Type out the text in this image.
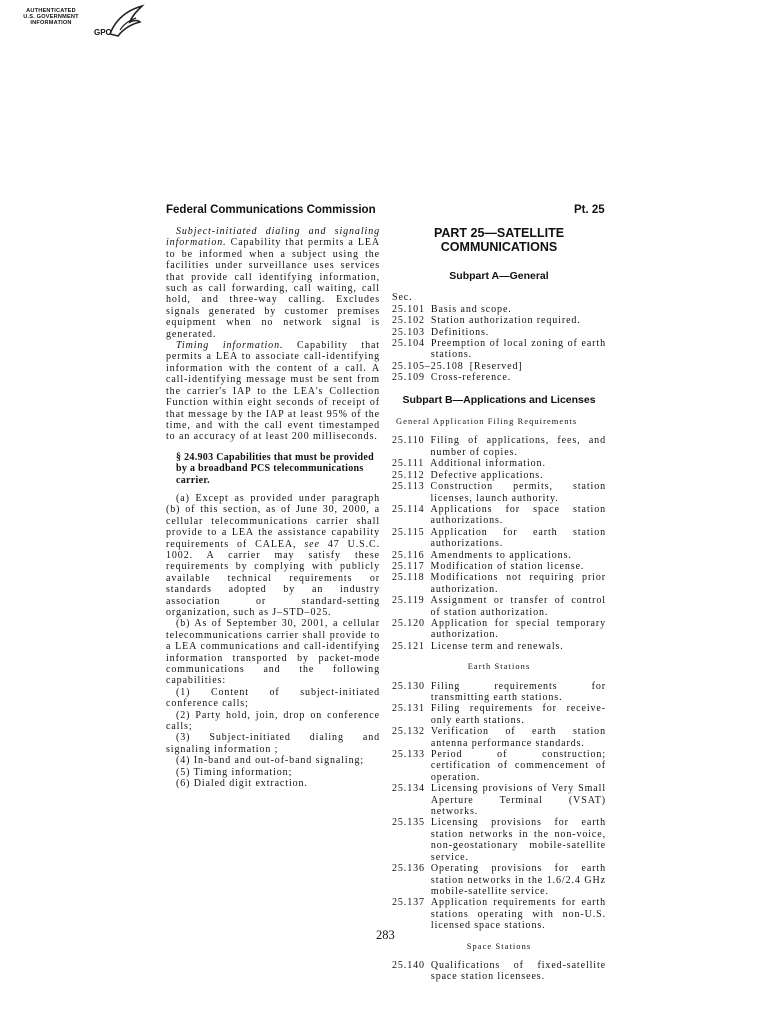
AUTHENTICATED
U.S. GOVERNMENT
INFORMATION
GPO
Federal Communications Commission	Pt. 25

Subject-initiated dialing and signaling information. Capability that permits a LEA to be informed when a subject using the facilities under surveillance uses services that provide call identifying information, such as call forwarding, call waiting, call hold, and three-way calling. Excludes signals generated by customer premises equipment when no network signal is generated.

Timing information. Capability that permits a LEA to associate call-identifying information with the content of a call. A call-identifying message must be sent from the carrier's IAP to the LEA's Collection Function within eight seconds of receipt of that message by the IAP at least 95% of the time, and with the call event timestamped to an accuracy of at least 200 milliseconds.

§ 24.903 Capabilities that must be provided by a broadband PCS telecommunications carrier.

(a) Except as provided under paragraph (b) of this section, as of June 30, 2000, a cellular telecommunications carrier shall provide to a LEA the assistance capability requirements of CALEA, see 47 U.S.C. 1002. A carrier may satisfy these requirements by complying with publicly available technical requirements or standards adopted by an industry association or standard-setting organization, such as J–STD–025.

(b) As of September 30, 2001, a cellular telecommunications carrier shall provide to a LEA communications and call-identifying information transported by packet-mode communications and the following capabilities:

(1) Content of subject-initiated conference calls;

(2) Party hold, join, drop on conference calls;

(3) Subject-initiated dialing and signaling information ;

(4) In-band and out-of-band signaling;

(5) Timing information;

(6) Dialed digit extraction.

PART 25—SATELLITE
COMMUNICATIONS
Subpart A—General
Sec.
25.101 Basis and scope.
25.102 Station authorization required.
25.103 Definitions.
25.104 Preemption of local zoning of earth stations.
25.105–25.108 [Reserved]
25.109 Cross-reference.
Subpart B—Applications and Licenses
General Application Filing Requirements
25.110 Filing of applications, fees, and number of copies.
25.111 Additional information.
25.112 Defective applications.
25.113 Construction permits, station licenses, launch authority.
25.114 Applications for space station authorizations.
25.115 Application for earth station authorizations.
25.116 Amendments to applications.
25.117 Modification of station license.
25.118 Modifications not requiring prior authorization.
25.119 Assignment or transfer of control of station authorization.
25.120 Application for special temporary authorization.
25.121 License term and renewals.
Earth Stations
25.130 Filing requirements for transmitting earth stations.
25.131 Filing requirements for receive-only earth stations.
25.132 Verification of earth station antenna performance standards.
25.133 Period of construction; certification of commencement of operation.
25.134 Licensing provisions of Very Small Aperture Terminal (VSAT) networks.
25.135 Licensing provisions for earth station networks in the non-voice, non-geostationary mobile-satellite service.
25.136 Operating provisions for earth station networks in the 1.6/2.4 GHz mobile-satellite service.
25.137 Application requirements for earth stations operating with non-U.S. licensed space stations.
Space Stations
25.140 Qualifications of fixed-satellite space station licensees.
283
